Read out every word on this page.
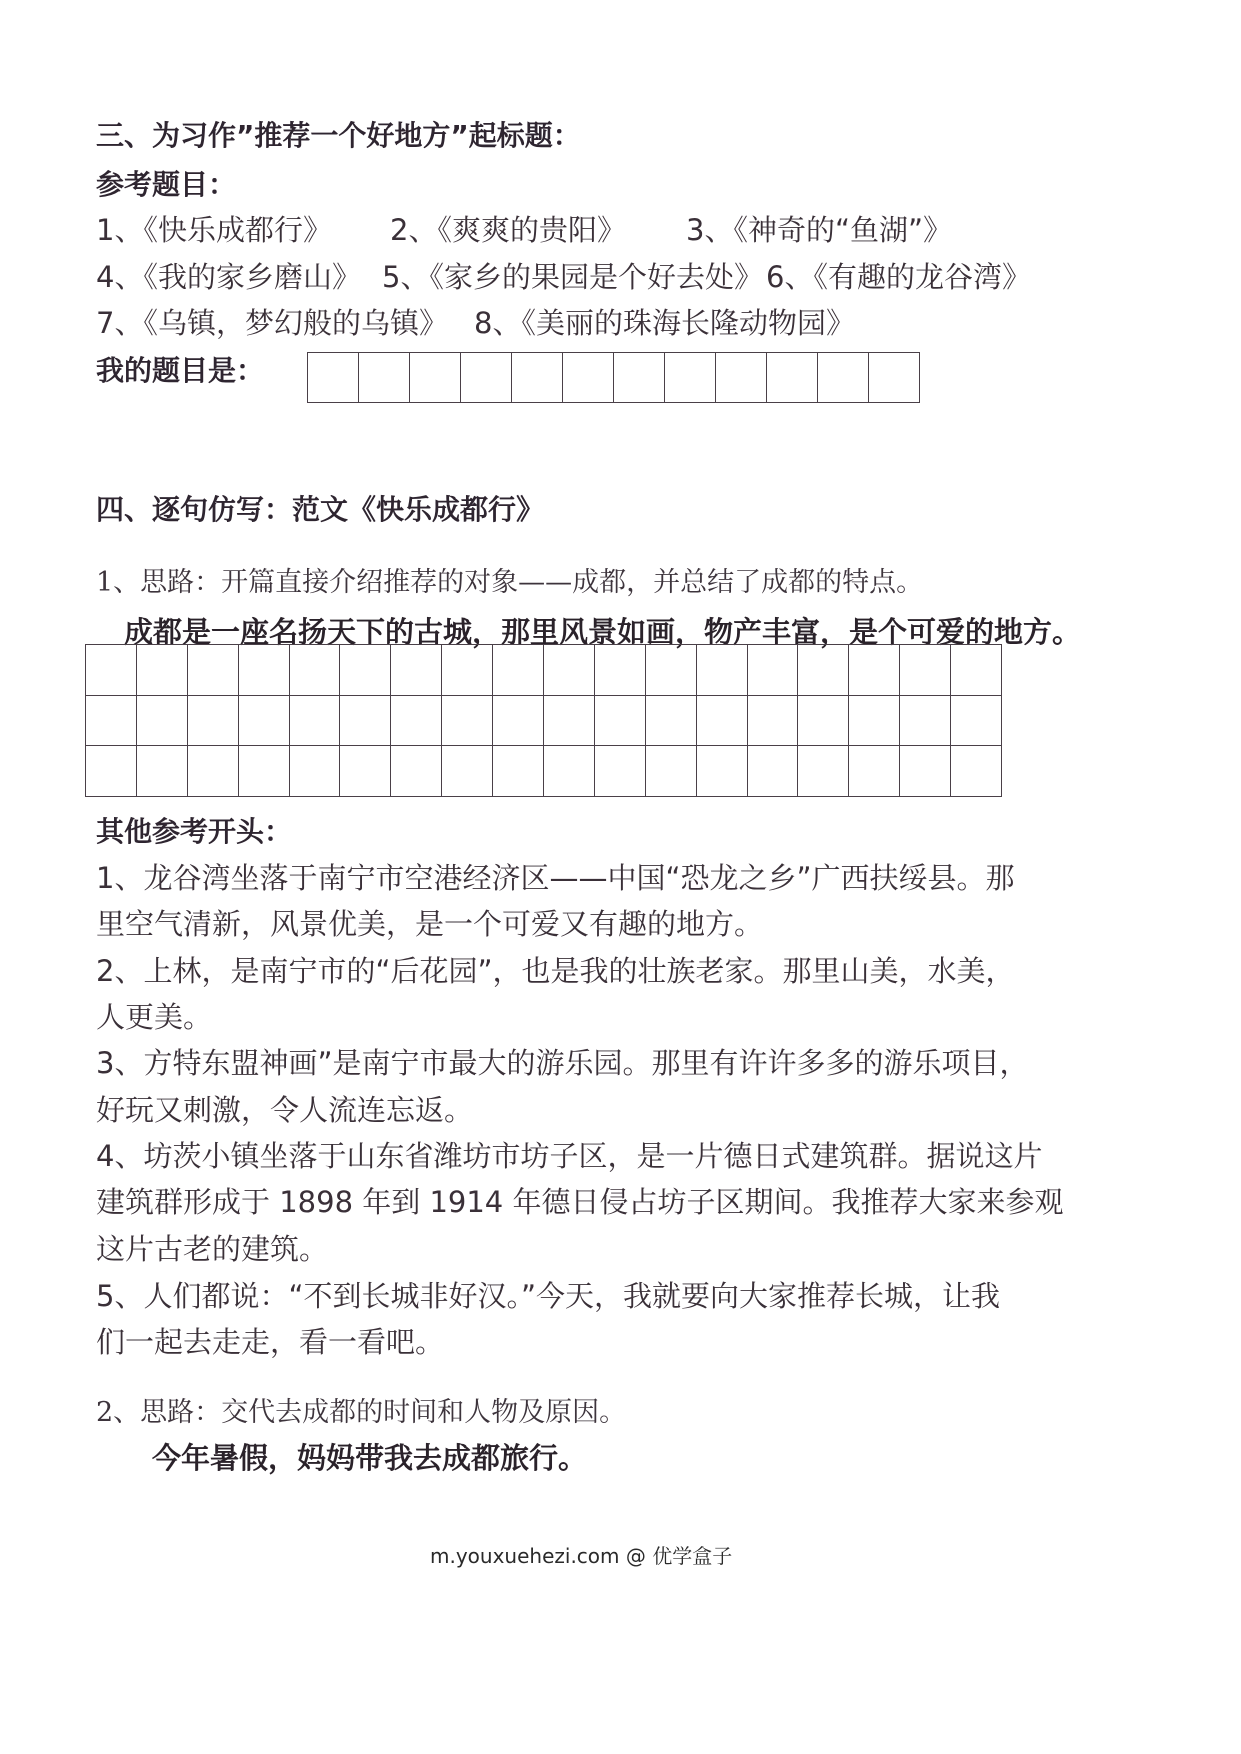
三、为习作”推荐一个好地方”起标题：
参考题目：
1、《快乐成都行》 2、《爽爽的贵阳》 3、《神奇的“鱼湖”》
4、《我的家乡磨山》 5、《家乡的果园是个好去处》 6、《有趣的龙谷湾》
7、《乌镇，梦幻般的乌镇》 8、《美丽的珠海长隆动物园》
我的题目是：
四、逐句仿写：范文《快乐成都行》
1、思路：开篇直接介绍推荐的对象——成都，并总结了成都的特点。
成都是一座名扬天下的古城，那里风景如画，物产丰富，是个可爱的地方。
其他参考开头：
1、龙谷湾坐落于南宁市空港经济区——中国“恐龙之乡”广西扶绥县。那
里空气清新，风景优美，是一个可爱又有趣的地方。
2、上林，是南宁市的“后花园”，也是我的壮族老家。那里山美，水美，
人更美。
3、方特东盟神画”是南宁市最大的游乐园。那里有许许多多的游乐项目，
好玩又刺激，令人流连忘返。
4、坊茨小镇坐落于山东省潍坊市坊子区，是一片德日式建筑群。据说这片
建筑群形成于 1898 年到 1914 年德日侵占坊子区期间。我推荐大家来参观
这片古老的建筑。
5、人们都说：“不到长城非好汉。”今天，我就要向大家推荐长城，让我
们一起去走走，看一看吧。
2、思路：交代去成都的时间和人物及原因。
今年暑假，妈妈带我去成都旅行。
m.youxuehezi.com @ 优学盒子
